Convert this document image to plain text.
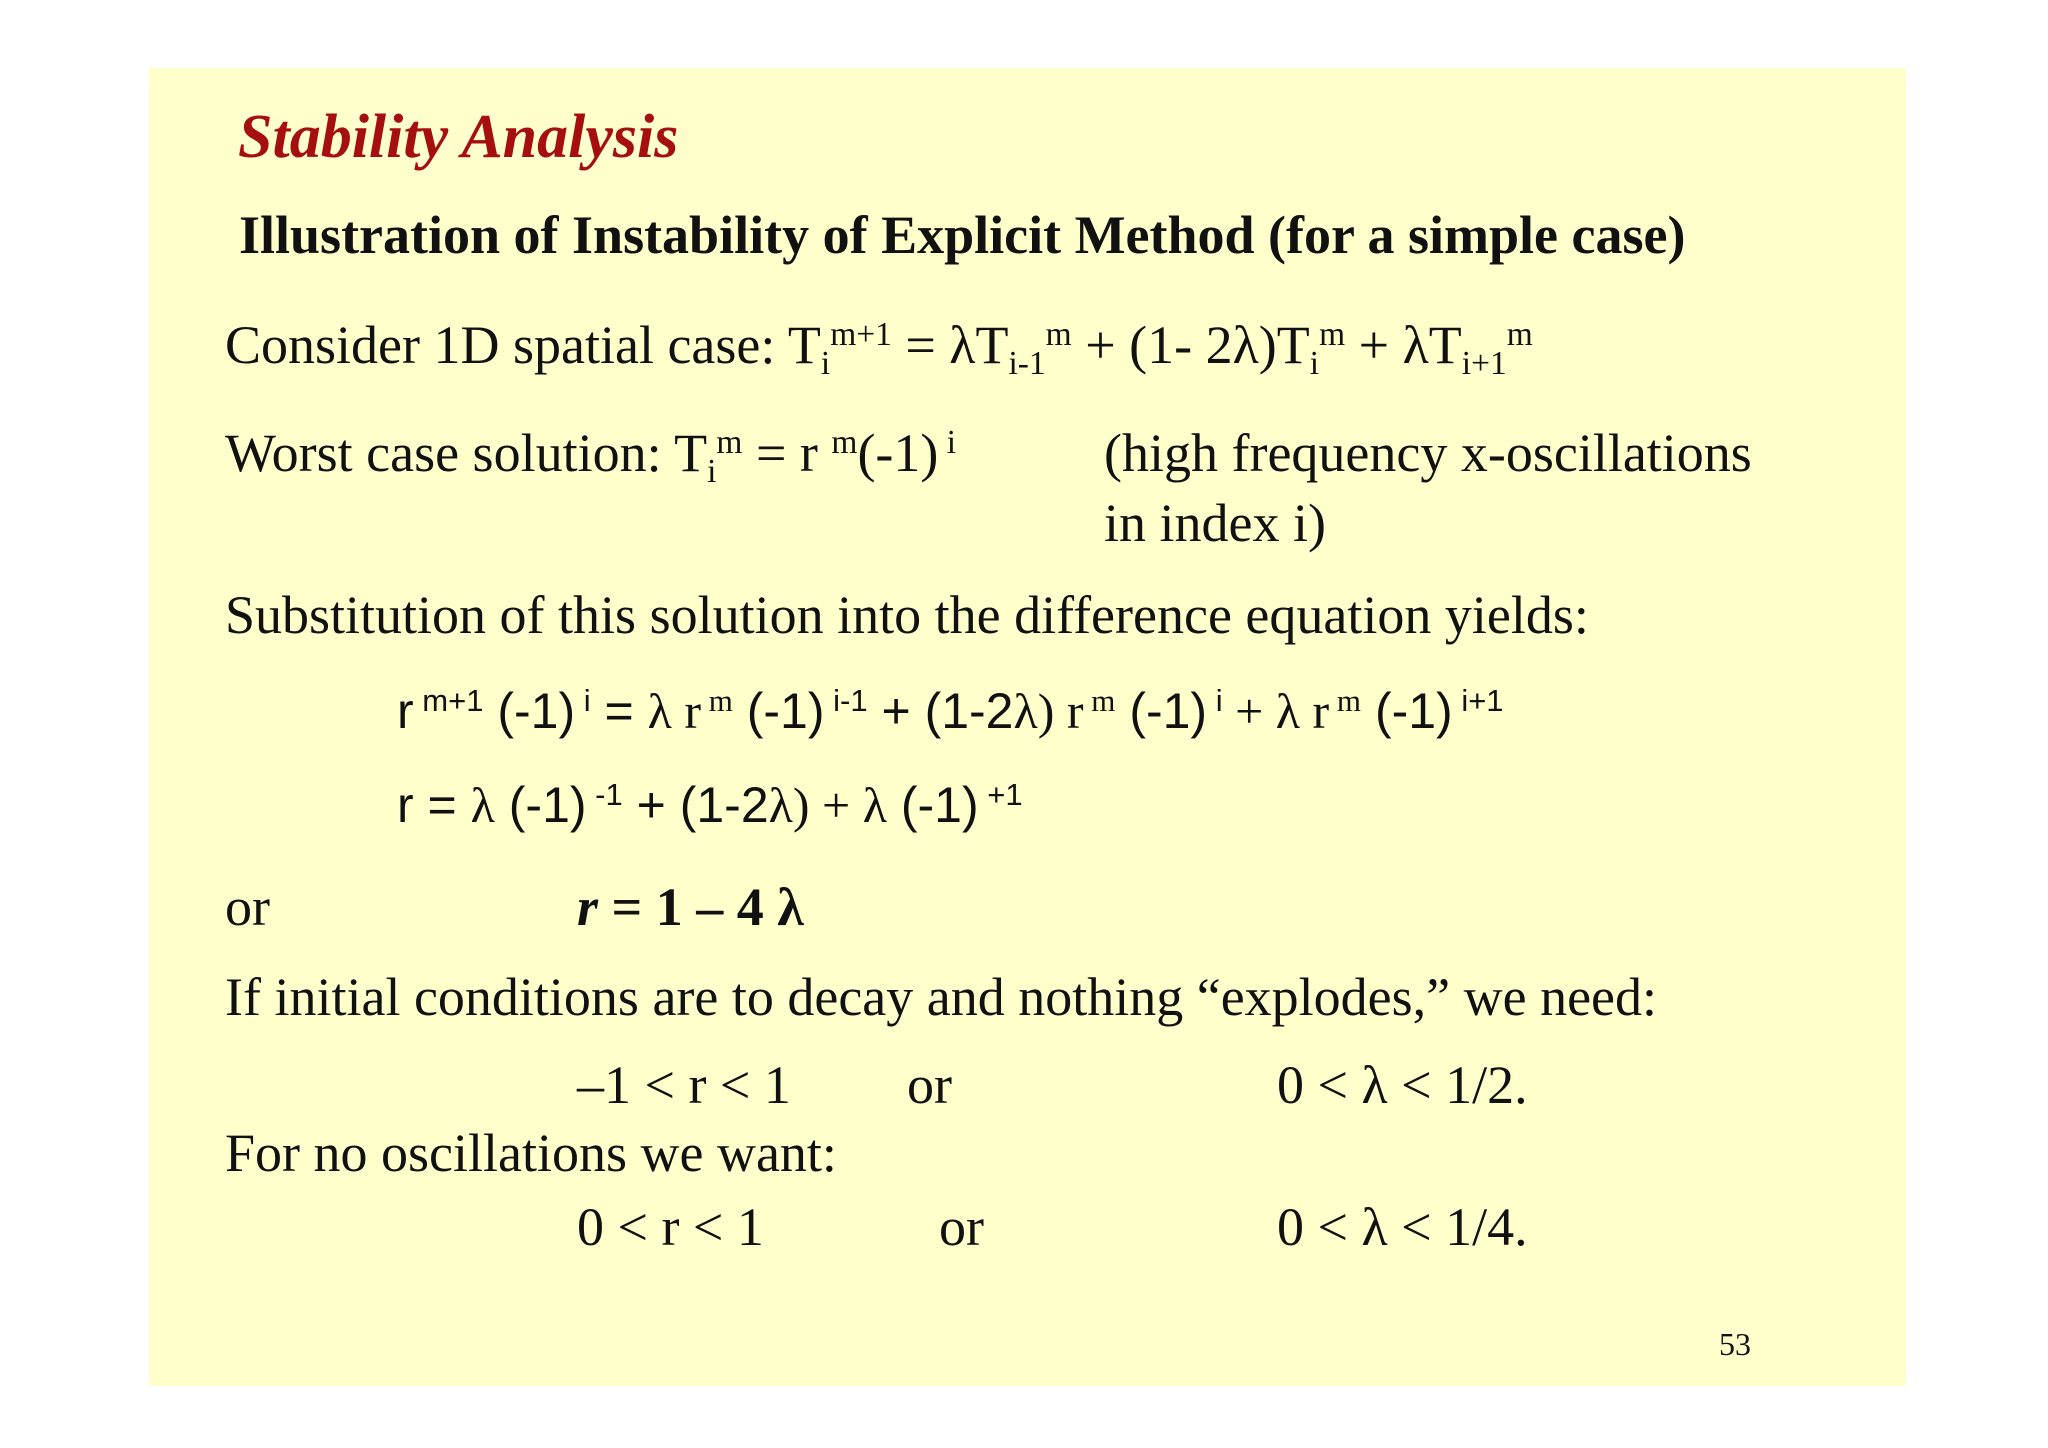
Stability Analysis
Illustration of Instability of Explicit Method (for a simple case)
Consider 1D spatial case: $Ti^{m+1} = \lambda Ti-1^m + (1-$ $2\lambda)Ti^m + \lambda Ti+1^m$
Worst case solution: $Ti^m = r$ $^m$(-1) $^i$	(high frequency x-oscillations
in index i)
Substitution of this solution into the difference equation yields:
r $^{m+1}$ (-1) $^i$ = λ r $^m$ (-1) $^{i-1}$ + (1-2λ) r $^m$ (-1) $^i$ + λ r $^m$ (-1) $^{i+1}$
r = λ (-1) $^{-1}$ + (1-2λ) + λ (-1) $^{+1}$
or	r = 1 – 4 λ
If initial conditions are to decay and nothing “explodes,” we need:
–1 < r < 1 or	0 < λ < 1/2.
For no oscillations we want:
0 < r < 1	or	0 < λ < 1/4.
53
